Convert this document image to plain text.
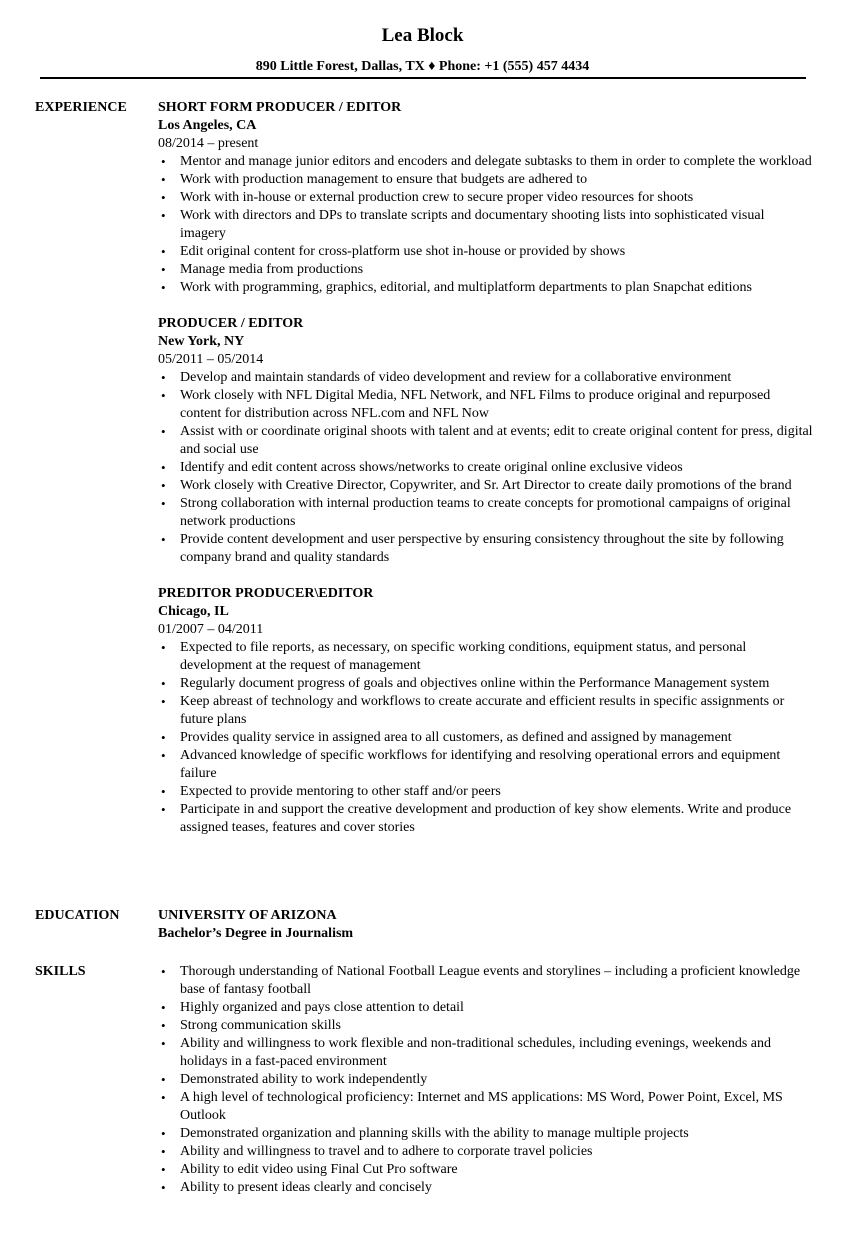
Lea Block
890 Little Forest, Dallas, TX ♦ Phone: +1 (555) 457 4434
EXPERIENCE SHORT FORM PRODUCER / EDITOR
Los Angeles, CA
08/2014 – present
• Mentor and manage junior editors and encoders and delegate subtasks to them in order to complete the workload
• Work with production management to ensure that budgets are adhered to
• Work with in-house or external production crew to secure proper video resources for shoots
• Work with directors and DPs to translate scripts and documentary shooting lists into sophisticated visual imagery
• Edit original content for cross-platform use shot in-house or provided by shows
• Manage media from productions
• Work with programming, graphics, editorial, and multiplatform departments to plan Snapchat editions
PRODUCER / EDITOR
New York, NY
05/2011 – 05/2014
• Develop and maintain standards of video development and review for a collaborative environment
• Work closely with NFL Digital Media, NFL Network, and NFL Films to produce original and repurposed content for distribution across NFL.com and NFL Now
• Assist with or coordinate original shoots with talent and at events; edit to create original content for press, digital and social use
• Identify and edit content across shows/networks to create original online exclusive videos
• Work closely with Creative Director, Copywriter, and Sr. Art Director to create daily promotions of the brand
• Strong collaboration with internal production teams to create concepts for promotional campaigns of original network productions
• Provide content development and user perspective by ensuring consistency throughout the site by following company brand and quality standards
PREDITOR PRODUCER\EDITOR
Chicago, IL
01/2007 – 04/2011
• Expected to file reports, as necessary, on specific working conditions, equipment status, and personal development at the request of management
• Regularly document progress of goals and objectives online within the Performance Management system
• Keep abreast of technology and workflows to create accurate and efficient results in specific assignments or future plans
• Provides quality service in assigned area to all customers, as defined and assigned by management
• Advanced knowledge of specific workflows for identifying and resolving operational errors and equipment failure
• Expected to provide mentoring to other staff and/or peers
• Participate in and support the creative development and production of key show elements. Write and produce assigned teases, features and cover stories
EDUCATION	UNIVERSITY OF ARIZONA
Bachelor’s Degree in Journalism
SKILLS	• Thorough understanding of National Football League events and storylines – including a proficient knowledge base of fantasy football
• Highly organized and pays close attention to detail
• Strong communication skills
• Ability and willingness to work flexible and non-traditional schedules, including evenings, weekends and holidays in a fast-paced environment
• Demonstrated ability to work independently
• A high level of technological proficiency: Internet and MS applications: MS Word, Power Point, Excel, MS Outlook
• Demonstrated organization and planning skills with the ability to manage multiple projects
• Ability and willingness to travel and to adhere to corporate travel policies
• Ability to edit video using Final Cut Pro software
• Ability to present ideas clearly and concisely
